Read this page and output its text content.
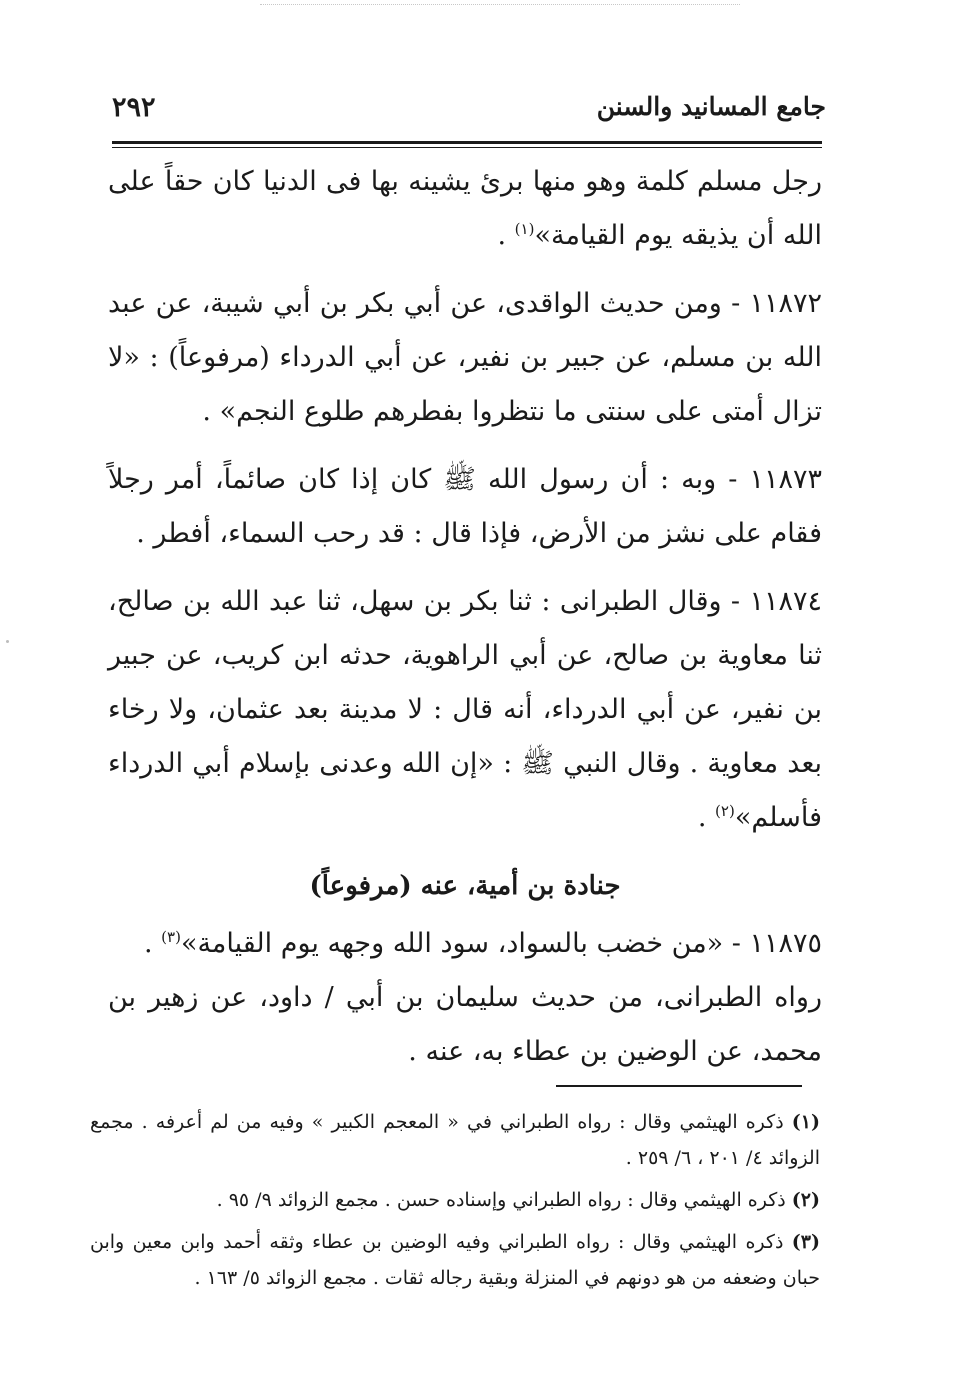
٢٩٢	جامع المسانيد والسنن

رجل مسلم كلمة وهو منها برئ يشينه بها فى الدنيا كان حقاً على الله أن يذيقه يوم القيامة»$^{(١)}$ .

١١٨٧٢ - ومن حديث الواقدى، عن أبي بكر بن أبي شيبة، عن عبد الله بن مسلم، عن جبير بن نفير، عن أبي الدرداء (مرفوعاً) : «لا تزال أمتى على سنتى ما نتظروا بفطرهم طلوع النجم» .

١١٨٧٣ - وبه : أن رسول الله ﷺ كان إذا كان صائماً، أمر رجلاً فقام على نشز من الأرض، فإذا قال : قد رحب السماء، أفطر .

١١٨٧٤ - وقال الطبرانى : ثنا بكر بن سهل، ثنا عبد الله بن صالح، ثنا معاوية بن صالح، عن أبي الراهوية، حدثه ابن كريب، عن جبير بن نفير، عن أبي الدرداء، أنه قال : لا مدينة بعد عثمان، ولا رخاء بعد معاوية . وقال النبي ﷺ : «إن الله وعدنى بإسلام أبي الدرداء فأسلم»$^{(٢)}$ .

جنادة بن أمية، عنه (مرفوعاً)

١١٨٧٥ - «من خضب بالسواد، سود الله وجهه يوم القيامة»$^{(٣)}$ .
رواه الطبرانى، من حديث سليمان بن أبي / داود، عن زهير بن محمد، عن الوضين بن عطاء به، عنه .

(١) ذكره الهيثمي وقال : رواه الطبراني في « المعجم الكبير » وفيه من لم أعرفه . مجمع الزوائد ٤/ ٢٠١ ، ٦/ ٢٥٩ .

(٢) ذكره الهيثمي وقال : رواه الطبراني وإسناده حسن . مجمع الزوائد ٩/ ٩٥ .

(٣) ذكره الهيثمي وقال : رواه الطبراني وفيه الوضين بن عطاء وثقه أحمد وابن معين وابن حبان وضعفه من هو دونهم في المنزلة وبقية رجاله ثقات . مجمع الزوائد ٥/ ١٦٣ .
